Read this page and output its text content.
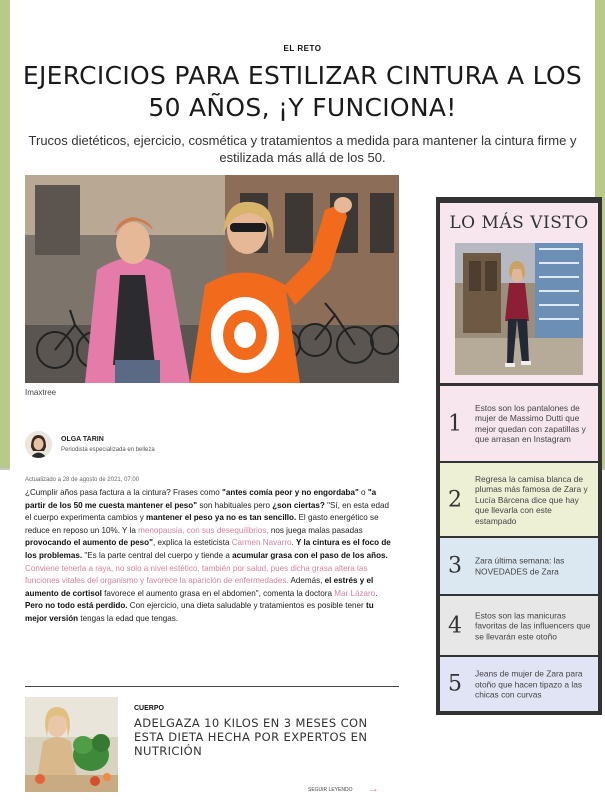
EL RETO
EJERCICIOS PARA ESTILIZAR CINTURA A LOS 50 AÑOS, ¡Y FUNCIONA!

Trucos dietéticos, ejercicio, cosmética y tratamientos a medida para mantener la cintura firme y estilizada más allá de los 50.

Imaxtree
OLGA TARIN
Periodista especializada en belleza
Actualizado a 28 de agosto de 2021, 07:00
¿Cumplir años pasa factura a la cintura? Frases como "antes comía peor y no engordaba" o "a partir de los 50 me cuesta mantener el peso" son habituales pero ¿son ciertas? "Sí, en esta edad el cuerpo experimenta cambios y mantener el peso ya no es tan sencillo. El gasto energético se reduce en reposo un 10%. Y la menopausia, con sus desequilibrios, nos juega malas pasadas provocando el aumento de peso", explica la esteticista Carmen Navarro. Y la cintura es el foco de los problemas. "Es la parte central del cuerpo y tiende a acumular grasa con el paso de los años. Conviene tenerla a raya, no solo a nivel estético, también por salud, pues dicha grasa altera las funciones vitales del organismo y favorece la aparición de enfermedades. Además, el estrés y el aumento de cortisol favorece el aumento grasa en el abdomen", comenta la doctora Mar Lázaro. Pero no todo está perdido. Con ejercicio, una dieta saludable y tratamientos es posible tener tu mejor versión tengas la edad que tengas.
CUERPO
ADELGAZA 10 KILOS EN 3 MESES CON ESTA DIETA HECHA POR EXPERTOS EN NUTRICIÓN
SEGUIR LEYENDO →
LO MÁS VISTO
1
Estos son los pantalones de mujer de Massimo Dutti que mejor quedan con zapatillas y que arrasan en Instagram
2
Regresa la camisa blanca de plumas más famosa de Zara y Lucía Bárcena dice que hay que llevarla con este estampado
3 Zara última semana: las NOVEDADES de Zara
4 Estos son las manicuras favoritas de las influencers que se llevarán este otoño
5 Jeans de mujer de Zara para otoño que hacen tipazo a las chicas con curvas
